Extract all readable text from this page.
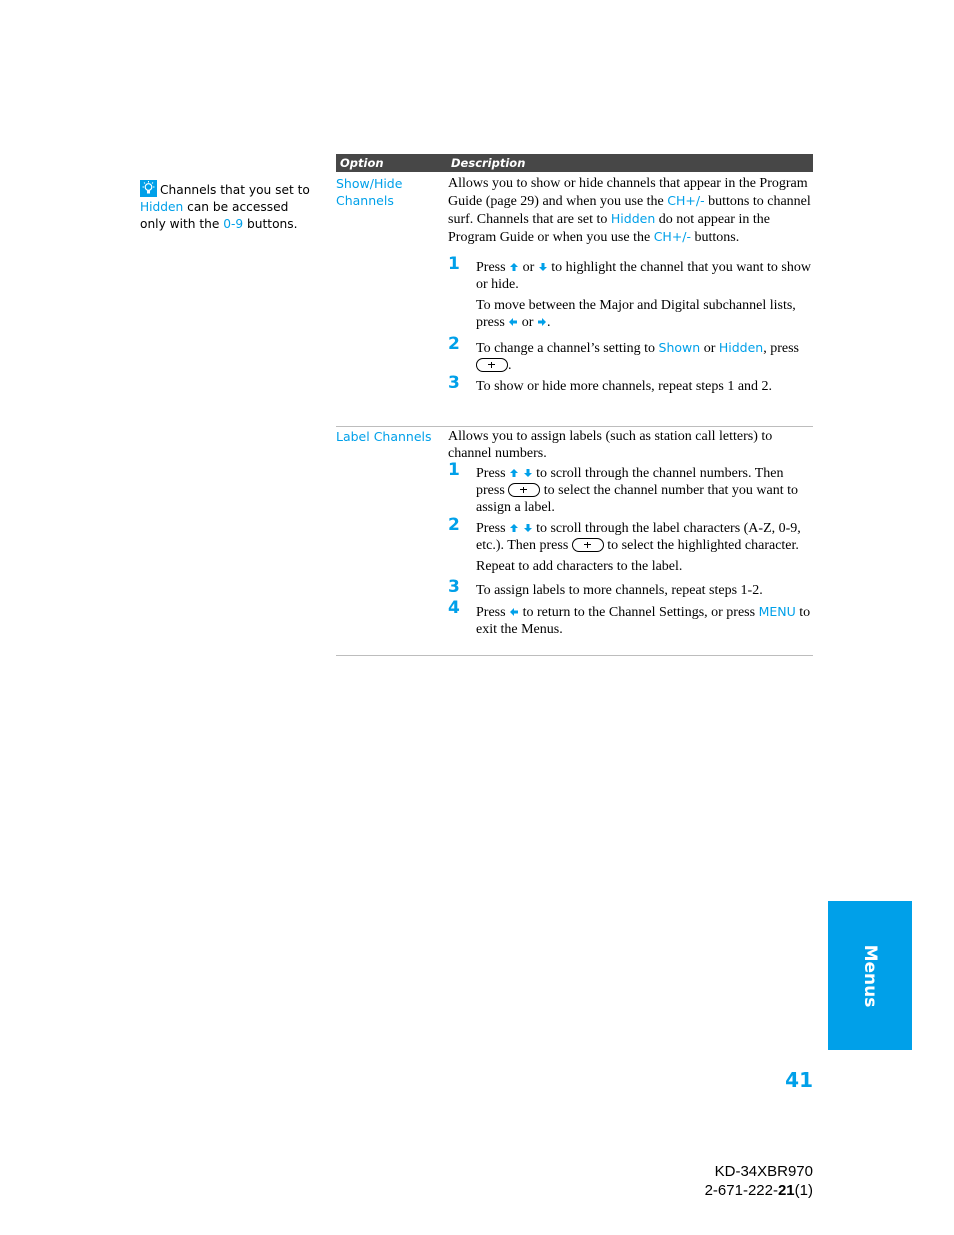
Channels that you set to Hidden can be accessed only with the 0-9 buttons.
Option	Description
Show/Hide Channels

Allows you to show or hide channels that appear in the Program Guide (page 29) and when you use the CH+/- buttons to channel surf. Channels that are set to Hidden do not appear in the Program Guide or when you use the CH+/- buttons.

1 Press  or  to highlight the channel that you want to show or hide.

To move between the Major and Digital subchannel lists, press  or .

2 To change a channel’s setting to Shown or Hidden, press .

3 To show or hide more channels, repeat steps 1 and 2.

Label Channels	Allows you to assign labels (such as station call letters) to channel numbers.

1 Press   to scroll through the channel numbers. Then press  to select the channel number that you want to assign a label.

2 Press   to scroll through the label characters (A-Z, 0-9, etc.). Then press  to select the highlighted character.

Repeat to add characters to the label.

3 To assign labels to more channels, repeat steps 1-2.

4 Press  to return to the Channel Settings, or press MENU to exit the Menus.

Menus
41
KD-34XBR970
2-671-222-21(1)
